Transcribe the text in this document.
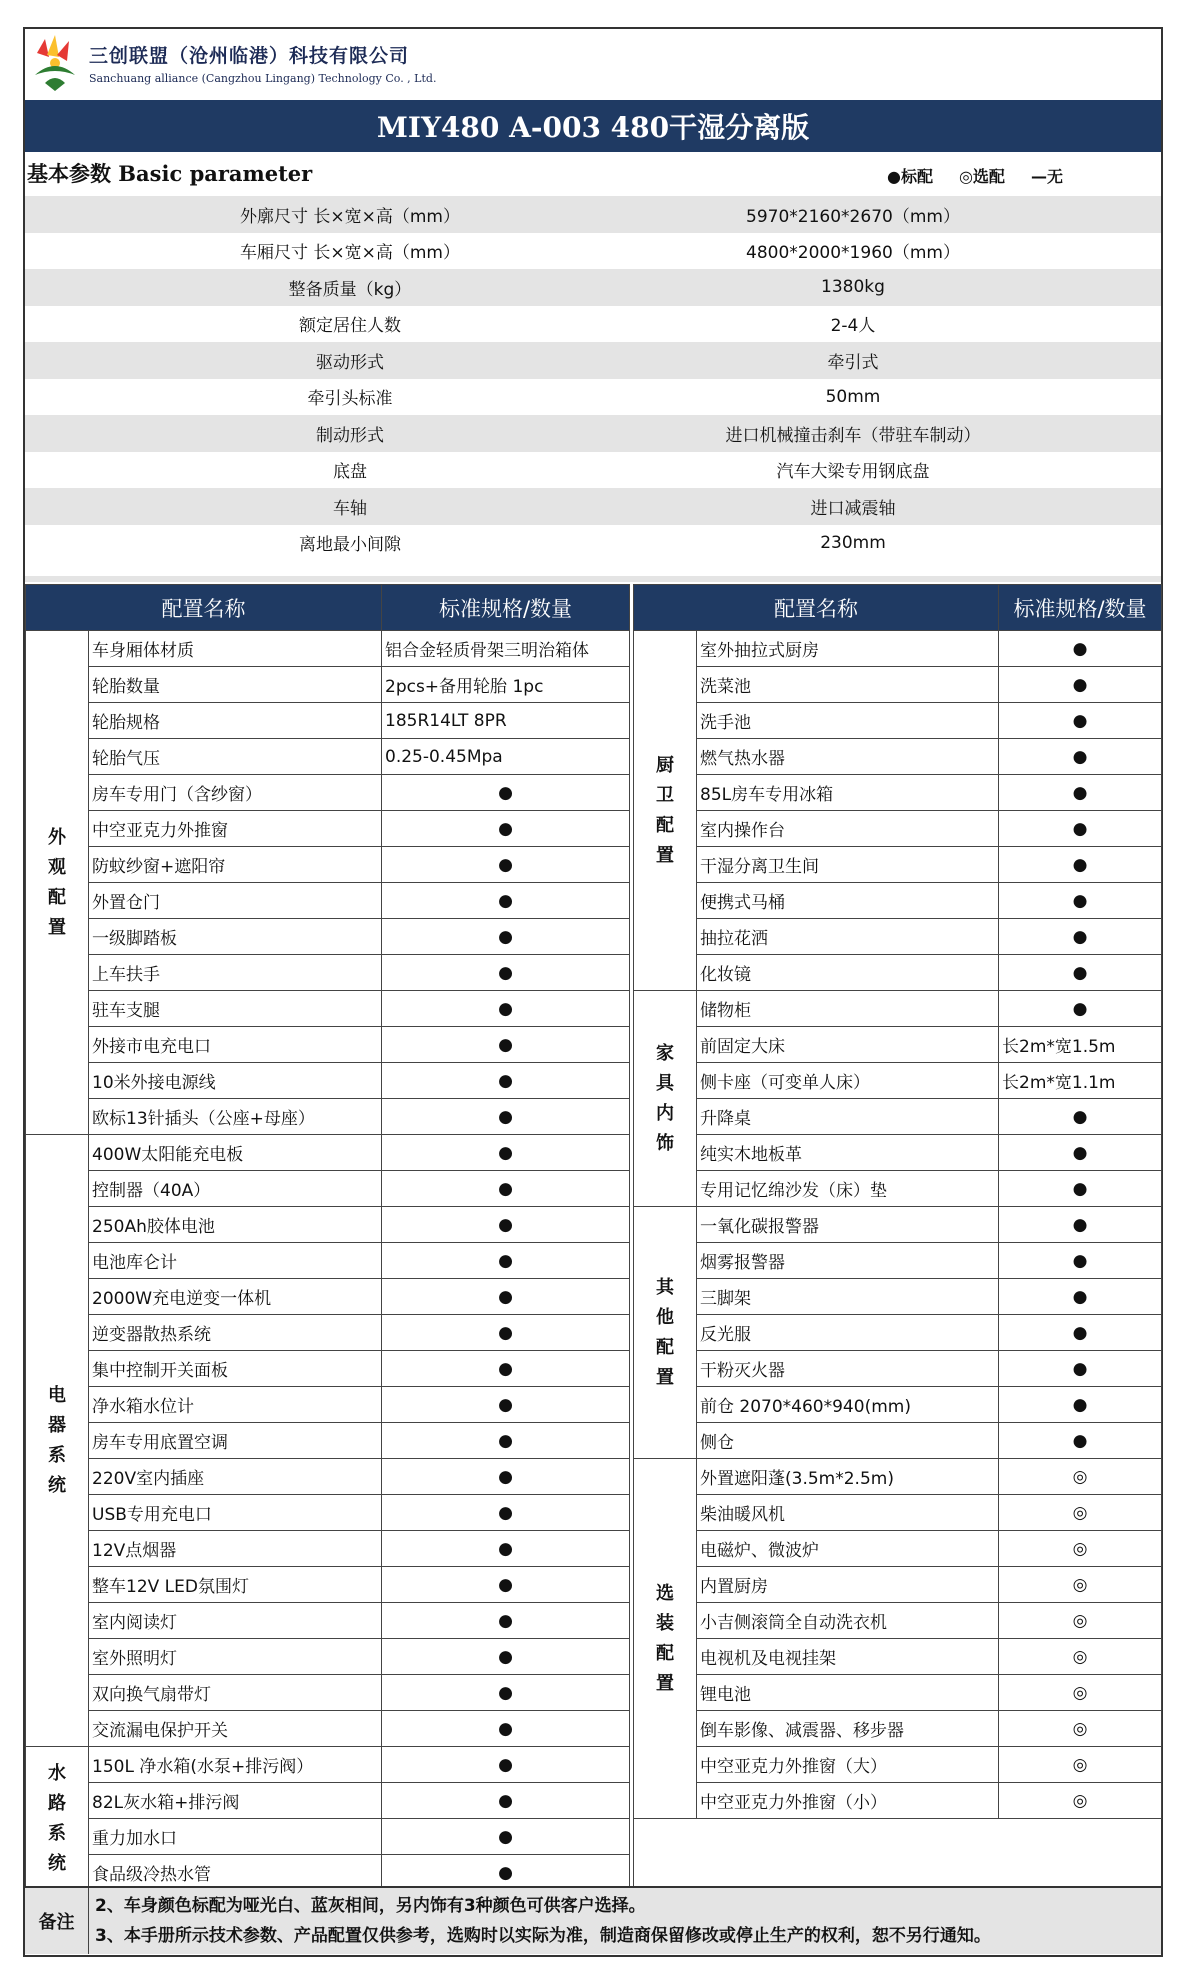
三创联盟（沧州临港）科技有限公司
Sanchuang alliance (Cangzhou Lingang) Technology Co. , Ltd.
MIY480 A-003 480干湿分离版
基本参数 Basic parameter	●标配 ◎选配 —无
外廓尺寸 长×宽×高（mm）	5970*2160*2670（mm）
车厢尺寸 长×宽×高（mm）	4800*2000*1960（mm）
整备质量（kg）	1380kg
额定居住人数	2-4人
驱动形式	牵引式
牵引头标准	50mm
制动形式	进口机械撞击刹车（带驻车制动）
底盘	汽车大梁专用钢底盘
车轴	进口减震轴
离地最小间隙	230mm
配置名称		标准规格/数量

外
观
配
置	车身厢体材质	铝合金轻质骨架三明治箱体
	轮胎数量	2pcs+备用轮胎 1pc
	轮胎规格	185R14LT 8PR
	轮胎气压	0.25-0.45Mpa
	房车专用门（含纱窗）	●
	中空亚克力外推窗	●
	防蚊纱窗+遮阳帘	●
	外置仓门	●
	一级脚踏板	●
	上车扶手	●
	驻车支腿	●
	外接市电充电口	●
	10米外接电源线	●
	欧标13针插头（公座+母座）	●

电
器
系
统	400W太阳能充电板	●
	控制器（40A）	●
	250Ah胶体电池	●
	电池库仑计	●
	2000W充电逆变一体机	●
	逆变器散热系统	●
	集中控制开关面板	●
	净水箱水位计	●
	房车专用底置空调	●
	220V室内插座	●
	USB专用充电口	●
	12V点烟器	●
	整车12V LED氛围灯	●
	室内阅读灯	●
	室外照明灯	●
	双向换气扇带灯	●
	交流漏电保护开关	●

水
路
系
统	150L 净水箱(水泵+排污阀）	●
	82L灰水箱+排污阀	●
	重力加水口	●
	食品级冷热水管	●
配置名称		标准规格/数量

厨
卫
配
置	室外抽拉式厨房	●
	洗菜池	●
	洗手池	●
	燃气热水器	●
	85L房车专用冰箱	●
	室内操作台	●
	干湿分离卫生间	●
	便携式马桶	●
	抽拉花洒	●
	化妆镜	●

家
具
内
饰	储物柜	●
	前固定大床	长2m*宽1.5m
	侧卡座（可变单人床）	长2m*宽1.1m
	升降桌	●
	纯实木地板革	●
	专用记忆绵沙发（床）垫	●

其
他
配
置	一氧化碳报警器	●
	烟雾报警器	●
	三脚架	●
	反光服	●
	干粉灭火器	●
	前仓 2070*460*940(mm)	●
	侧仓	●

选
装
配
置	外置遮阳蓬(3.5m*2.5m)	◎
	柴油暖风机	◎
	电磁炉、微波炉	◎
	内置厨房	◎
	小吉侧滚筒全自动洗衣机	◎
	电视机及电视挂架	◎
	锂电池	◎
	倒车影像、减震器、移步器	◎
	中空亚克力外推窗（大）	◎
	中空亚克力外推窗（小）	◎
备注
2、车身颜色标配为哑光白、蓝灰相间，另内饰有3种颜色可供客户选择。
3、本手册所示技术参数、产品配置仅供参考，选购时以实际为准，制造商保留修改或停止生产的权利，恕不另行通知。
